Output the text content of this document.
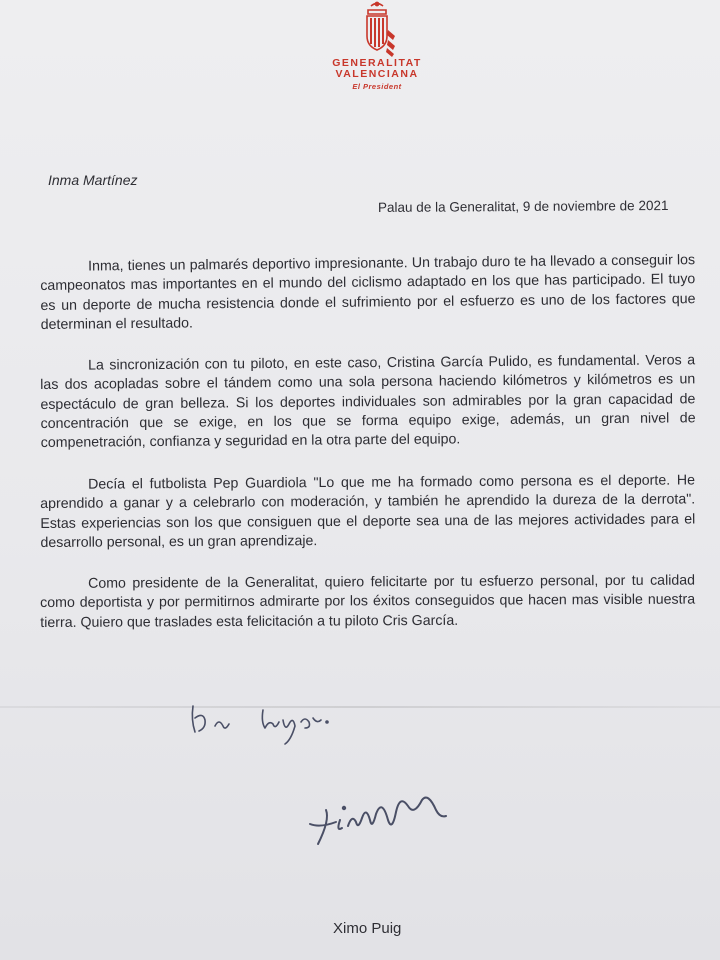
GENERALITAT
VALENCIANA
El President
Inma Martínez
Palau de la Generalitat, 9 de noviembre de 2021

Inma, tienes un palmarés deportivo impresionante. Un trabajo duro te ha llevado a conseguir los campeonatos mas importantes en el mundo del ciclismo adaptado en los que has participado. El tuyo es un deporte de mucha resistencia donde el sufrimiento por el esfuerzo es uno de los factores que determinan el resultado.

La sincronización con tu piloto, en este caso, Cristina García Pulido, es fundamental. Veros a las dos acopladas sobre el tándem como una sola persona haciendo kilómetros y kilómetros es un espectáculo de gran belleza. Si los deportes individuales son admirables por la gran capacidad de concentración que se exige, en los que se forma equipo exige, además, un gran nivel de compenetración, confianza y seguridad en la otra parte del equipo.

Decía el futbolista Pep Guardiola "Lo que me ha formado como persona es el deporte. He aprendido a ganar y a celebrarlo con moderación, y también he aprendido la dureza de la derrota". Estas experiencias son los que consiguen que el deporte sea una de las mejores actividades para el desarrollo personal, es un gran aprendizaje.

Como presidente de la Generalitat, quiero felicitarte por tu esfuerzo personal, por tu calidad como deportista y por permitirnos admirarte por los éxitos conseguidos que hacen mas visible nuestra tierra. Quiero que traslades esta felicitación a tu piloto Cris García.

Ximo Puig
